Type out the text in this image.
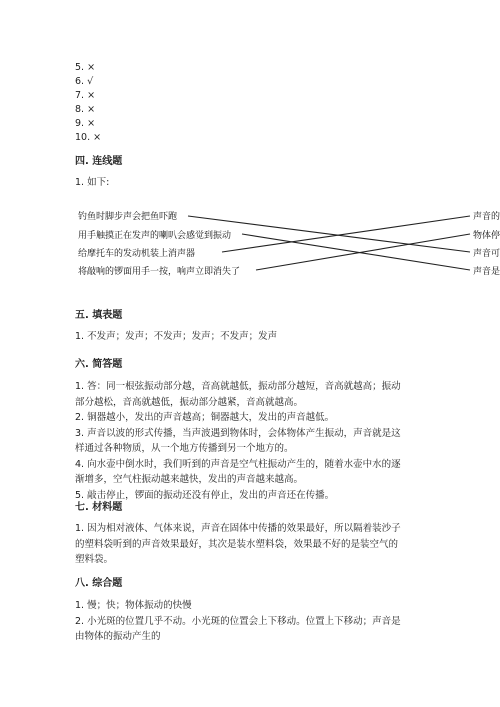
5. ×
6. √
7. ×
8. ×
9. ×
10. ×
四. 连线题
1. 如下:
钓鱼时脚步声会把鱼吓跑
用手触摸正在发声的喇叭会感觉到振动
给摩托车的发动机装上消声器
将敲响的锣面用手一按，响声立即消失了
声音的
物体停
声音可
声音是
五. 填表题
1. 不发声；发声；不发声；发声；不发声；发声
六. 简答题
1. 答：同一根弦振动部分越，音高就越低，振动部分越短，音高就越高；振动
部分越松，音高就越低，振动部分越紧，音高就越高。
2. 铜器越小，发出的声音越高；铜器越大，发出的声音越低。
3. 声音以波的形式传播，当声波遇到物体时，会体物体产生振动，声音就是这
样通过各种物质，从一个地方传播到另一个地方的。
4. 向水壶中倒水时，我们听到的声音是空气柱振动产生的，随着水壶中水的逐
渐增多，空气柱振动越来越快，发出的声音越来越高。
5. 敲击停止，锣面的振动还没有停止，发出的声音还在传播。
七. 材料题
1. 因为相对液体、气体来说，声音在固体中传播的效果最好，所以隔着装沙子
的塑料袋听到的声音效果最好，其次是装水塑料袋，效果最不好的是装空气的
塑料袋。
八. 综合题
1. 慢；快；物体振动的快慢
2. 小光斑的位置几乎不动。小光斑的位置会上下移动。位置上下移动；声音是
由物体的振动产生的
